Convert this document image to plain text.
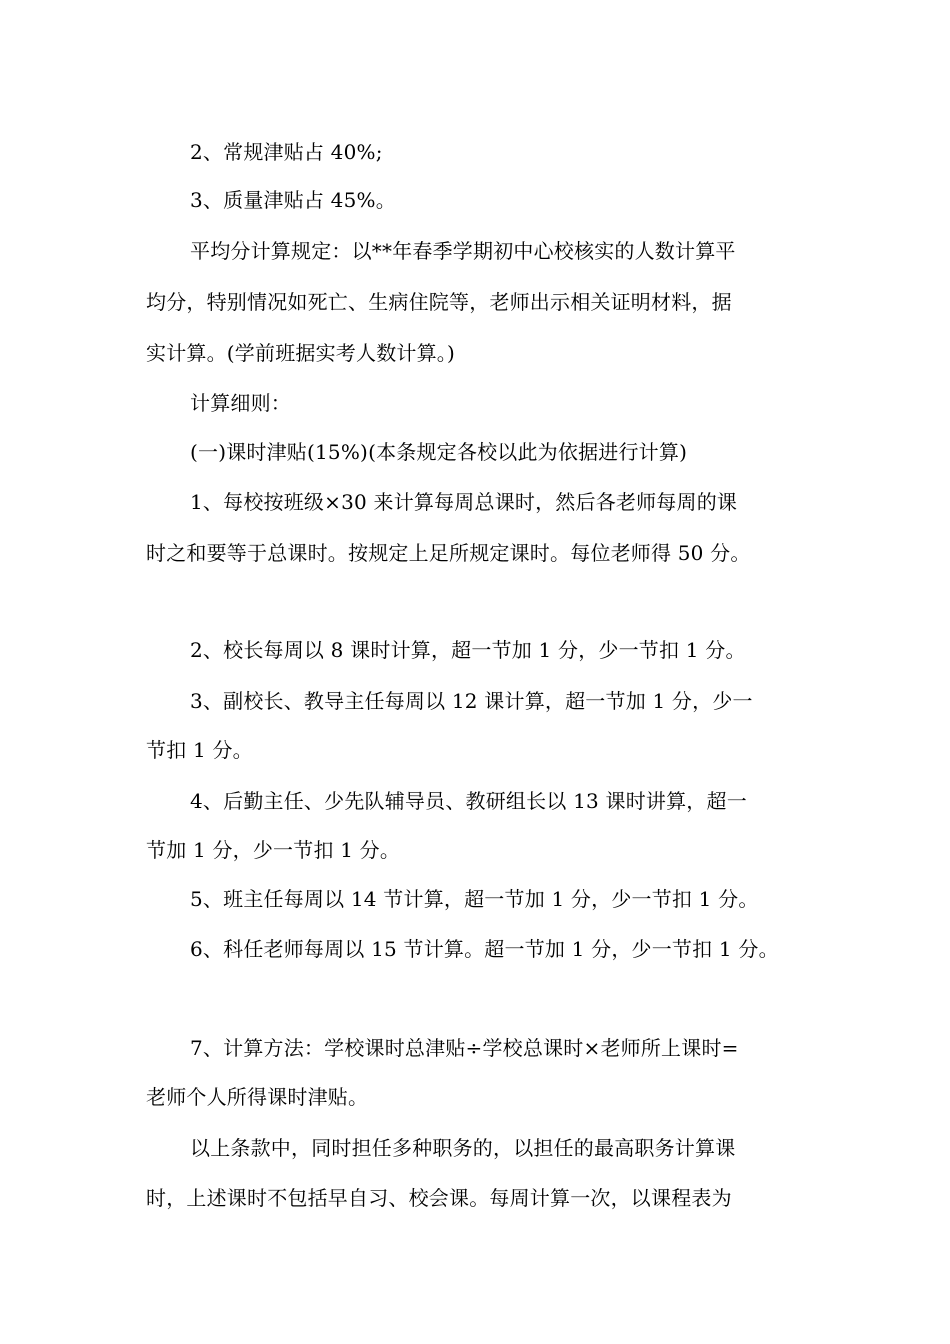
2、常规津贴占 40%;
3、质量津贴占 45%。
平均分计算规定：以**年春季学期初中心校核实的人数计算平
均分，特别情况如死亡、生病住院等，老师出示相关证明材料，据
实计算。(学前班据实考人数计算。)
计算细则：
(一)课时津贴(15%)(本条规定各校以此为依据进行计算)
1、每校按班级×30 来计算每周总课时，然后各老师每周的课
时之和要等于总课时。按规定上足所规定课时。每位老师得 50 分。
2、校长每周以 8 课时计算，超一节加 1 分，少一节扣 1 分。
3、副校长、教导主任每周以 12 课计算，超一节加 1 分，少一
节扣 1 分。
4、后勤主任、少先队辅导员、教研组长以 13 课时讲算，超一
节加 1 分，少一节扣 1 分。
5、班主任每周以 14 节计算，超一节加 1 分，少一节扣 1 分。
6、科任老师每周以 15 节计算。超一节加 1 分，少一节扣 1 分。
7、计算方法：学校课时总津贴÷学校总课时×老师所上课时=
老师个人所得课时津贴。
以上条款中，同时担任多种职务的，以担任的最高职务计算课
时，上述课时不包括早自习、校会课。每周计算一次，以课程表为
